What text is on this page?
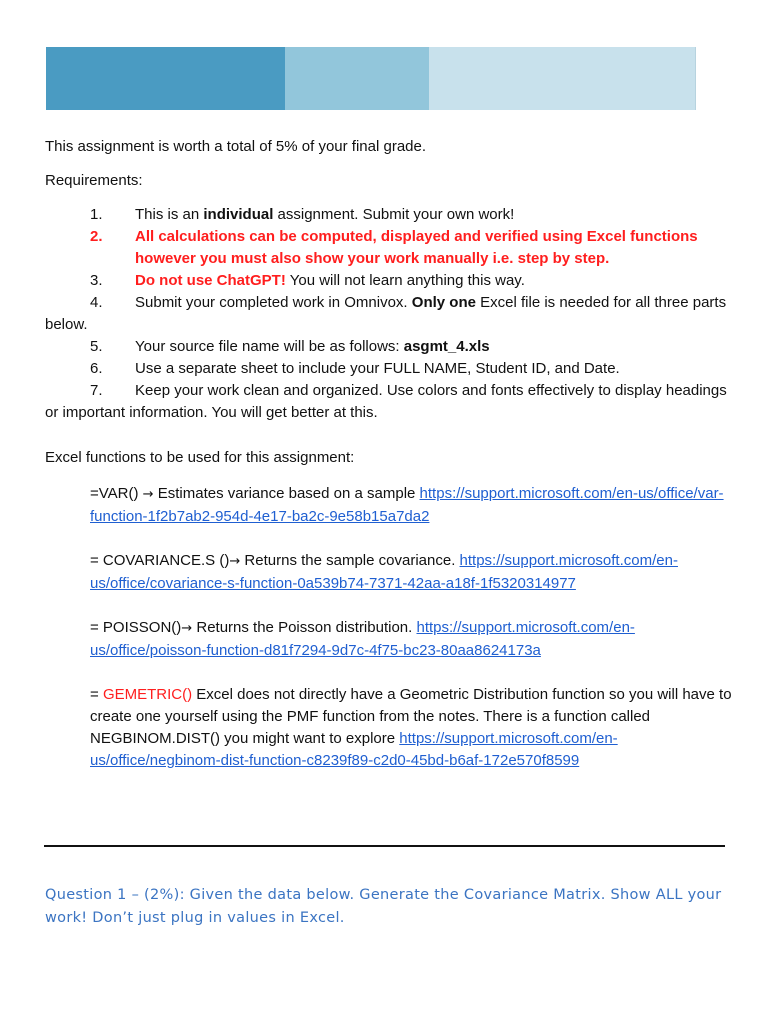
This assignment is worth a total of 5% of your final grade.

Requirements:

1.	This is an individual assignment. Submit your own work!
2.	All calculations can be computed, displayed and verified using Excel functions
however you must also show your work manually i.e. step by step.
3.	Do not use ChatGPT! You will not learn anything this way.
4. Submit your completed work in Omnivox. Only one Excel file is needed for all three parts below.
5.	Your source file name will be as follows: asgmt_4.xls
6.	Use a separate sheet to include your FULL NAME, Student ID, and Date.
7. Keep your work clean and organized. Use colors and fonts effectively to display headings or important information. You will get better at this.

Excel functions to be used for this assignment:

=VAR() → Estimates variance based on a sample https://support.microsoft.com/en-us/office/var-function-1f2b7ab2-954d-4e17-ba2c-9e58b15a7da2

= COVARIANCE.S ()→ Returns the sample covariance. https://support.microsoft.com/en-us/office/covariance-s-function-0a539b74-7371-42aa-a18f-1f5320314977

= POISSON()→ Returns the Poisson distribution. https://support.microsoft.com/en-us/office/poisson-function-d81f7294-9d7c-4f75-bc23-80aa8624173a

= GEMETRIC() Excel does not directly have a Geometric Distribution function so you will have to create one yourself using the PMF function from the notes. There is a function called NEGBINOM.DIST() you might want to explore https://support.microsoft.com/en-us/office/negbinom-dist-function-c8239f89-c2d0-45bd-b6af-172e570f8599

Question 1 – (2%): Given the data below. Generate the Covariance Matrix. Show ALL your work! Don’t just plug in values in Excel.
